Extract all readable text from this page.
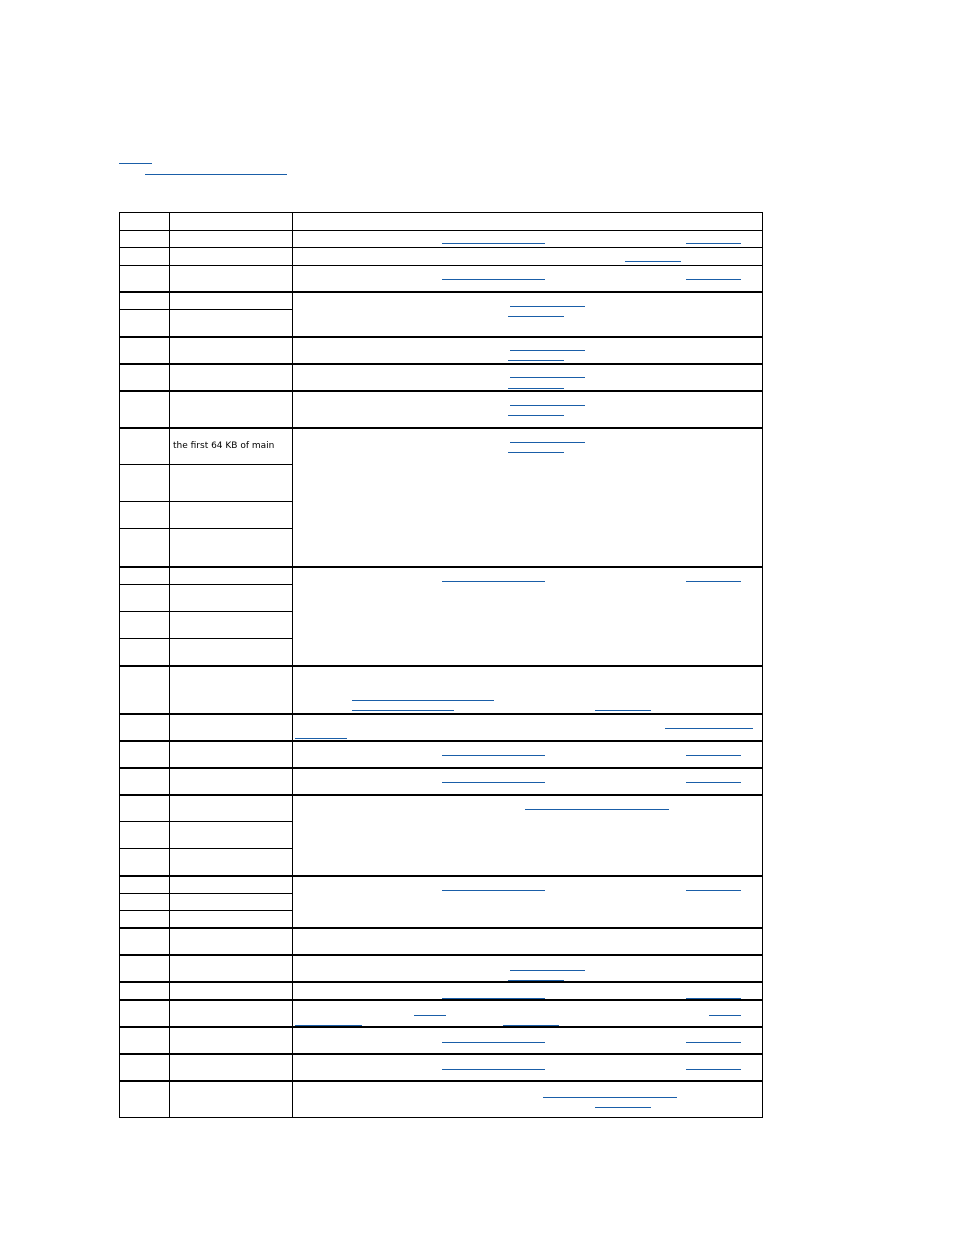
	the first 64 KB of main	
